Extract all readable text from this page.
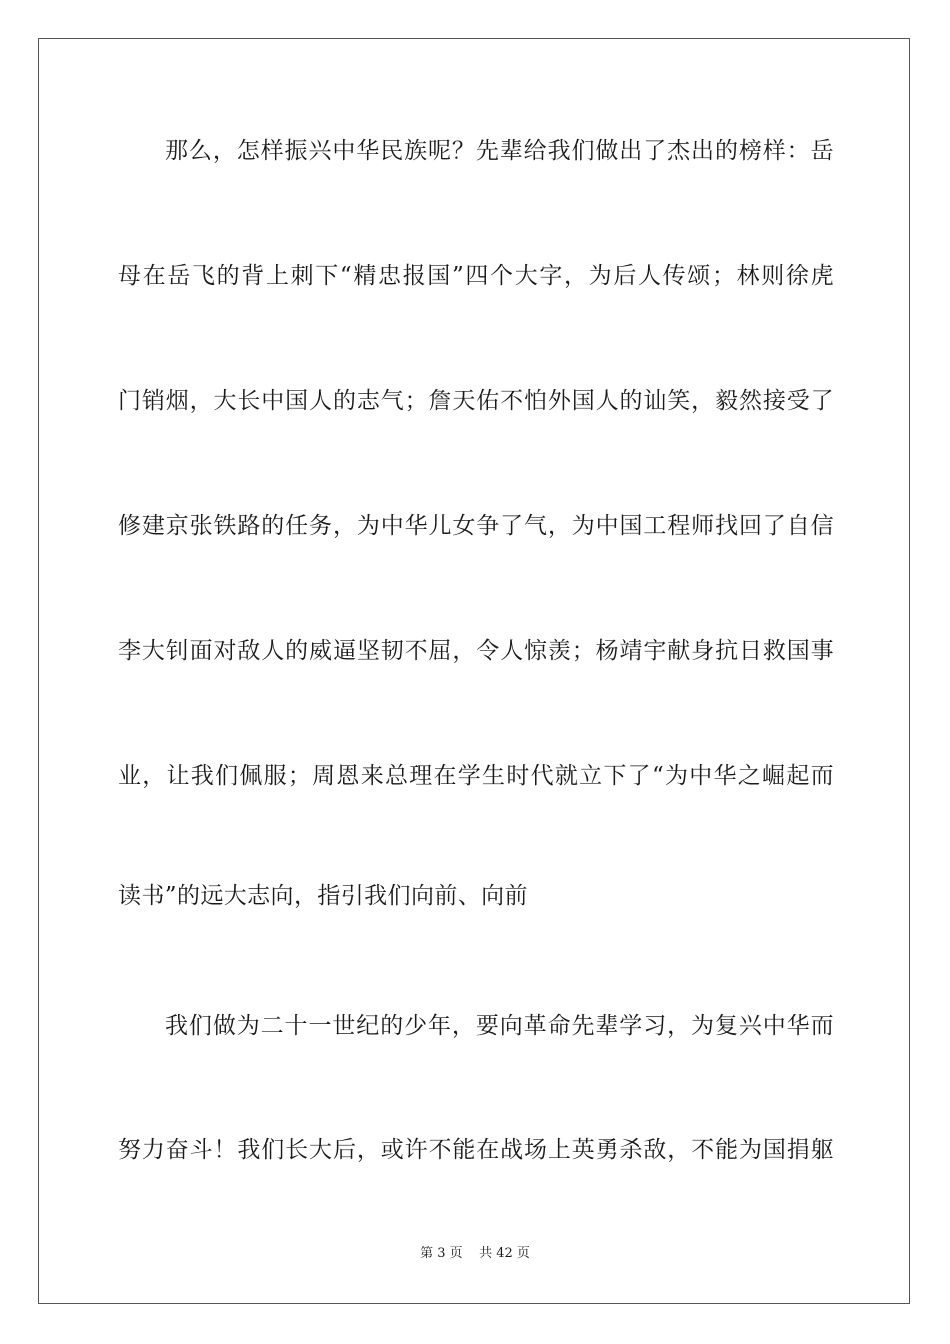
那么，怎样振兴中华民族呢？先辈给我们做出了杰出的榜样：岳
母在岳飞的背上刺下“精忠报国”四个大字，为后人传颂；林则徐虎
门销烟，大长中国人的志气；詹天佑不怕外国人的讪笑，毅然接受了
修建京张铁路的任务，为中华儿女争了气，为中国工程师找回了自信
李大钊面对敌人的威逼坚韧不屈，令人惊羡；杨靖宇献身抗日救国事
业，让我们佩服；周恩来总理在学生时代就立下了“为中华之崛起而
读书”的远大志向，指引我们向前、向前
我们做为二十一世纪的少年，要向革命先辈学习，为复兴中华而
努力奋斗！我们长大后，或许不能在战场上英勇杀敌，不能为国捐躯
第 3 页    共 42 页
